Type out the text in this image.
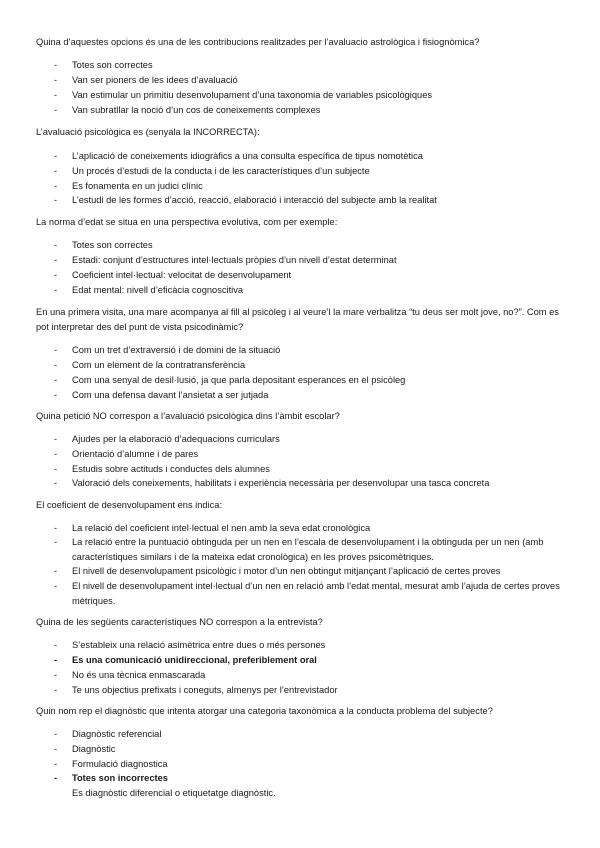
Quina d’aquestes opcions és una de les contribucions realitzades per l’avaluacio astrològica i fisiognòmica?
- Totes son correctes
- Van ser pioners de les idees d’avaluació
- Van estimular un primitiu desenvolupament d’una taxonomia de variables psicològiques
- Van subratllar la noció d’un cos de coneixements complexes
L’avaluació psicològica es (senyala la INCORRECTA):
- L’aplicació de coneixements idiogràfics a una consulta específica de tipus nomotètica
- Un procés d’estudi de la conducta i de les característiques d’un subjecte
- Es fonamenta en un judici clínic
- L’estudi de les formes d’acció, reacció, elaboració i interacció del subjecte amb la realitat
La norma d’edat se situa en una perspectiva evolutiva, com per exemple:
- Totes son correctes
- Estadi: conjunt d’estructures intel·lectuals pròpies d’un nivell d’estat determinat
- Coeficient intel·lectual: velocitat de desenvolupament
- Edat mental: nivell d’eficàcia cognoscitiva
En una primera visita, una mare acompanya al fill al psicòleg i al veure’l la mare verbalitza “tu deus ser molt jove, no?”. Com es pot interpretar des del punt de vista psicodinàmic?
- Com un tret d’extraversió i de domini de la situació
- Com un element de la contratransferència
- Com una senyal de desil·lusió, ja que parla depositant esperances en el psicòleg
- Com una defensa davant l’ansietat a ser jutjada
Quina petició NO correspon a l’avaluació psicològica dins l’àmbit escolar?
- Ajudes per la elaboració d’adequacions curriculars
- Orientació d’alumne i de pares
- Estudis sobre actituds i conductes dels alumnes
- Valoració dels coneixements, habilitats i experiència necessària per desenvolupar una tasca concreta
El coeficient de desenvolupament ens indica:
- La relació del coeficient intel·lectual el nen amb la seva edat cronològica
- La relació entre la puntuació obtinguda per un nen en l’escala de desenvolupament i la obtinguda per un nen (amb característiques similars i de la mateixa edat cronològica) en les proves psicomètriques.
- El nivell de desenvolupament psicològic i motor d’un nen obtingut mitjançant l’aplicació de certes proves
- El nivell de desenvolupament intel·lectual d’un nen en relació amb l’edat mental, mesurat amb l’ajuda de certes proves mètriques.
Quina de les següents característiques NO correspon a la entrevista?
- S’estableix una relació asimètrica entre dues o més persones
- Es una comunicació unidireccional, preferiblement oral
- No és una tècnica enmascarada
- Te uns objectius prefixats i coneguts, almenys per l’entrevistador
Quin nom rep el diagnòstic que intenta atorgar una categoria taxonòmica a la conducta problema del subjecte?
- Diagnòstic referencial
- Diagnòstic
- Formulació diagnostica
- Totes son incorrectes
Es diagnòstic diferencial o etiquetatge diagnòstic.
